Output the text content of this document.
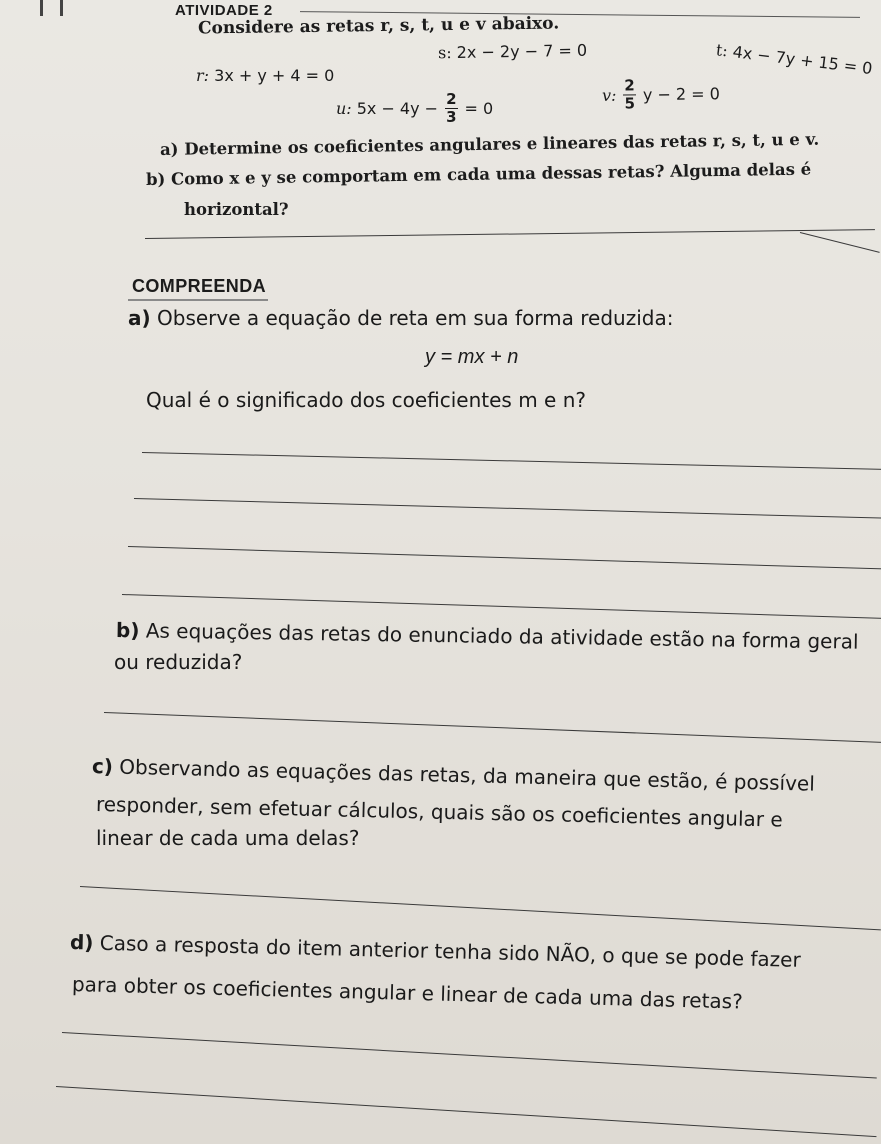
ATIVIDADE 2
Considere as retas r, s, t, u e v abaixo.
r: 3x + y + 4 = 0
s: 2x − 2y − 7 = 0	t: 4x − 7y + 15 = 0
u: $5x - 4y - \frac{2}{3} = 0$
v: $\frac{2}{5}$ y − 2 = 0
a) Determine os coeficientes angulares e lineares das retas r, s, t, u e v.
b) Como x e y se comportam em cada uma dessas retas? Alguma delas é
horizontal?
COMPREENDA
a) Observe a equação de reta em sua forma reduzida:
y = mx + n
Qual é o significado dos coeficientes m e n?
b) As equações das retas do enunciado da atividade estão na forma geral
ou reduzida?
c) Observando as equações das retas, da maneira que estão, é possível
responder, sem efetuar cálculos, quais são os coeficientes angular e
linear de cada uma delas?
d) Caso a resposta do item anterior tenha sido NÃO, o que se pode fazer
para obter os coeficientes angular e linear de cada uma das retas?
